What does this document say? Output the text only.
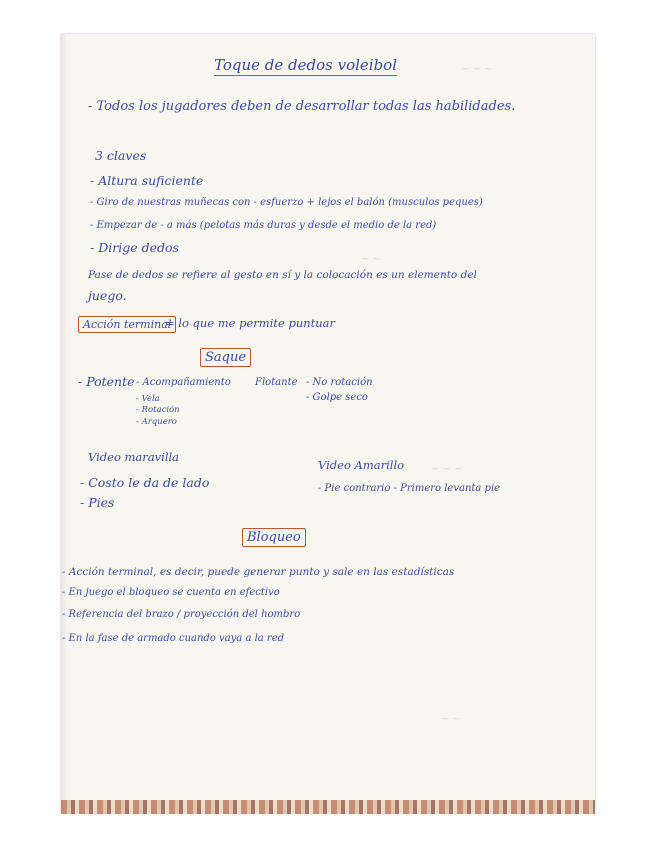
~ ~ ~
~ ~
~ ~ ~
~ ~
Toque de dedos voleibol
- Todos los jugadores deben de desarrollar todas las habilidades.
3 claves
- Altura suficiente
- Giro de nuestras muñecas con - esfuerzo + lejos el balón (musculos peques)
- Empezar de - a más (pelotas más duras y desde el medio de la red)
- Dirige dedos
Pase de dedos se refiere al gesto en sí y la colocación es un elemento del
juego.
Acción terminal
= lo que me permite puntuar
Saque
- Potente - Acompañamiento
- Vela
- Rotación
- Arquero
Flotante - No rotación
- Golpe seco
Video maravilla
- Costo le da de lado
- Pies
Video Amarillo
- Pie contrario - Primero levanta pie
Bloqueo
- Acción terminal, es decir, puede generar punto y sale en las estadísticas
- En juego el bloqueo se cuenta en efectivo
- Referencia del brazo / proyección del hombro
- En la fase de armado cuando vaya a la red
